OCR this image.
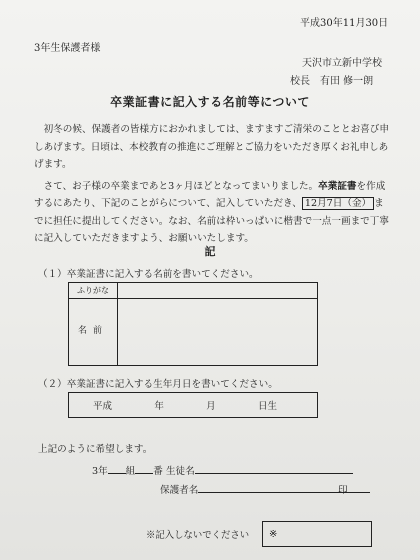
平成30年11月30日
3年生保護者様
天沢市立新中学校
校長　有田 修一朗
卒業証書に記入する名前等について

初冬の候、保護者の皆様方におかれましては、ますますご清栄のこととお喜び申しあげます。日頃は、本校教育の推進にご理解とご協力をいただき厚くお礼申しあげます。

さて、お子様の卒業まであと3ヶ月ほどとなってまいりました。卒業証書を作成するにあたり、下記のことがらについて、記入していただき、 12月7日（金） までに担任に提出してください。なお、名前は枠いっぱいに楷書で一点一画まで丁寧に記入していただきますよう、お願いいたします。

記
（１）卒業証書に記入する名前を書いてください。
ふりがな
名前
（２）卒業証書に記入する生年月日を書いてください。
平成	年	月	日生
上記のように希望します。
3年 組 番 生徒名
保護者名	印
※記入しないでください	※
